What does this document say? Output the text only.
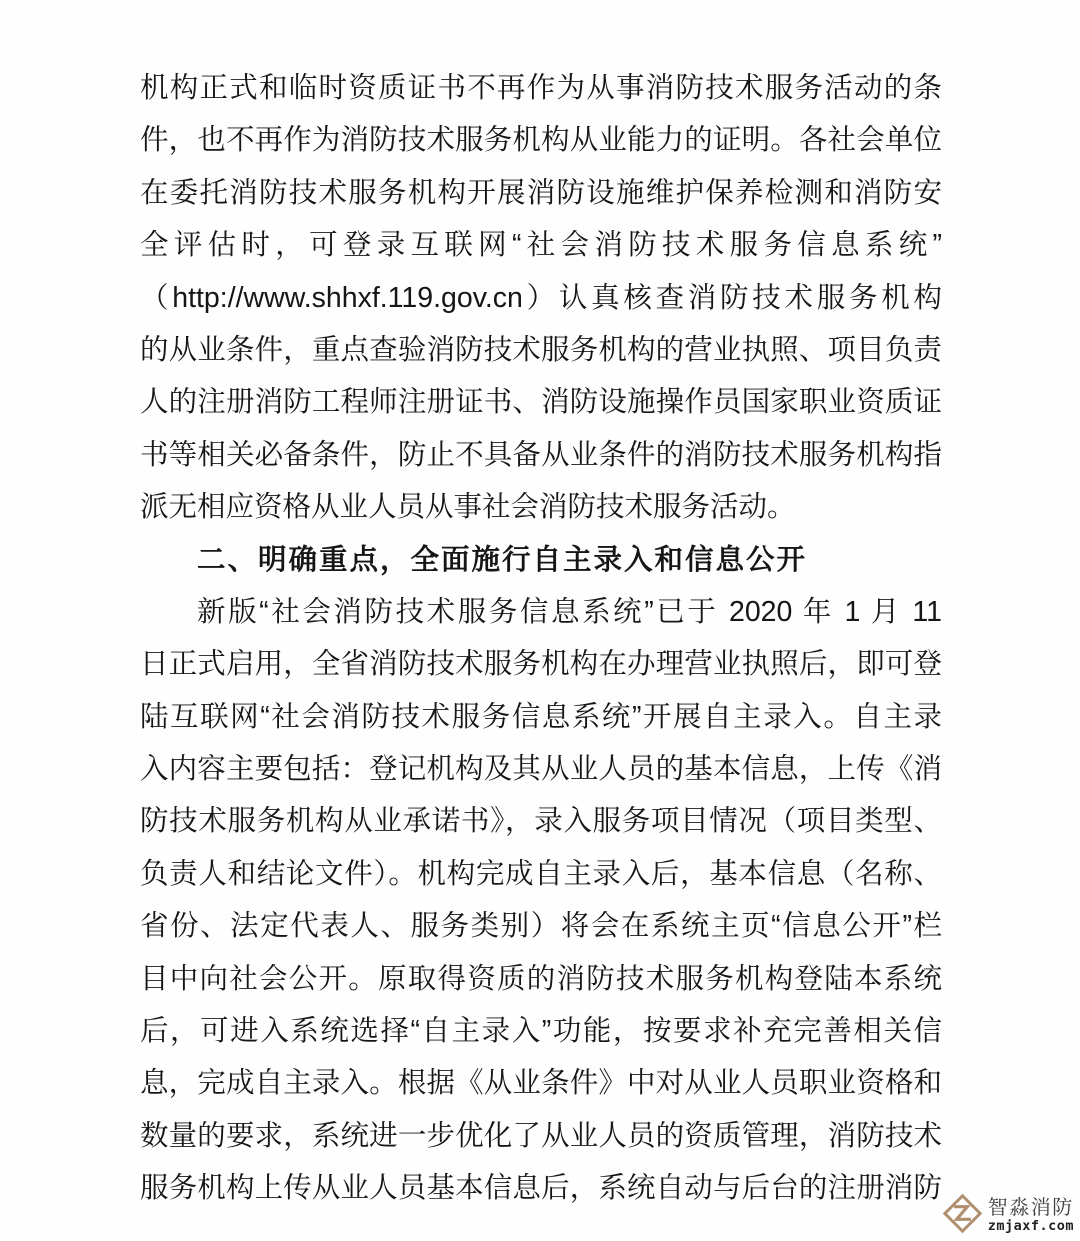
机构正式和临时资质证书不再作为从事消防技术服务活动的条
件，也不再作为消防技术服务机构从业能力的证明。各社会单位
在委托消防技术服务机构开展消防设施维护保养检测和消防安
全评估时，可登录互联网“社会消防技术服务信息系统”
（http://www.shhxf.119.gov.cn）认真核查消防技术服务机构
的从业条件，重点查验消防技术服务机构的营业执照、项目负责
人的注册消防工程师注册证书、消防设施操作员国家职业资质证
书等相关必备条件，防止不具备从业条件的消防技术服务机构指
派无相应资格从业人员从事社会消防技术服务活动。
二、明确重点，全面施行自主录入和信息公开
新版“社会消防技术服务信息系统”已于 2020 年 1 月 11
日正式启用，全省消防技术服务机构在办理营业执照后，即可登
陆互联网“社会消防技术服务信息系统”开展自主录入。自主录
入内容主要包括：登记机构及其从业人员的基本信息，上传《消
防技术服务机构从业承诺书》，录入服务项目情况（项目类型、
负责人和结论文件）。机构完成自主录入后，基本信息（名称、
省份、法定代表人、服务类别）将会在系统主页“信息公开”栏
目中向社会公开。原取得资质的消防技术服务机构登陆本系统
后，可进入系统选择“自主录入”功能，按要求补充完善相关信
息，完成自主录入。根据《从业条件》中对从业人员职业资格和
数量的要求，系统进一步优化了从业人员的资质管理，消防技术
服务机构上传从业人员基本信息后，系统自动与后台的注册消防
智淼消防
zmjaxf.com
